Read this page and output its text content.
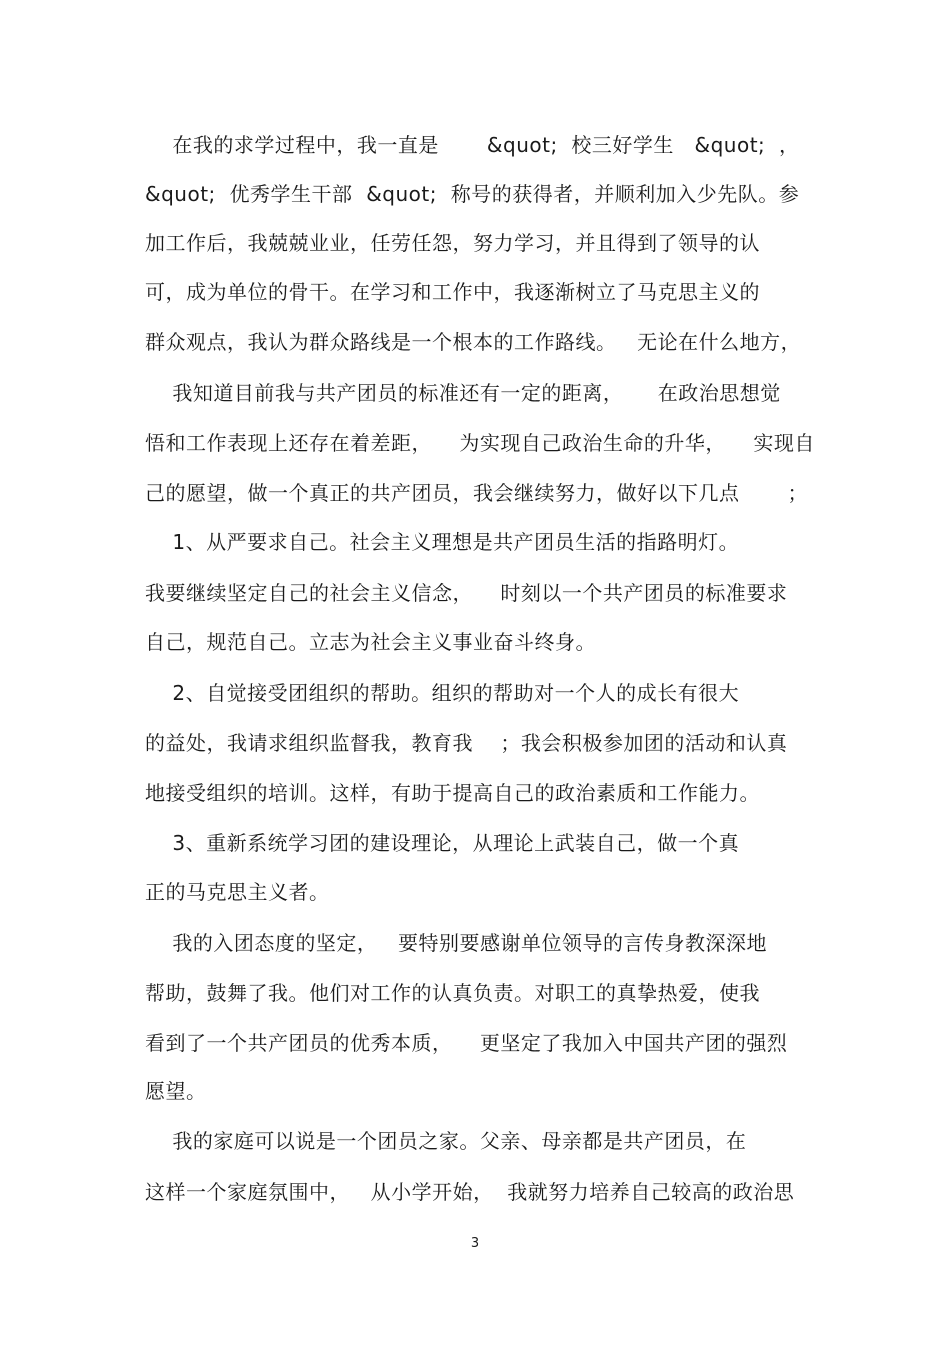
在我的求学过程中，我一直是       &quot;  校三好学生   &quot;  ，
&quot;  优秀学生干部  &quot;  称号的获得者，并顺利加入少先队。参
加工作后，我兢兢业业，任劳任怨，努力学习，并且得到了领导的认
可，成为单位的骨干。在学习和工作中，我逐渐树立了马克思主义的
群众观点，我认为群众路线是一个根本的工作路线。   无论在什么地方，
我知道目前我与共产团员的标准还有一定的距离，     在政治思想觉
悟和工作表现上还存在着差距，    为实现自己政治生命的升华，    实现自
己的愿望，做一个真正的共产团员，我会继续努力，做好以下几点       ；
1、从严要求自己。社会主义理想是共产团员生活的指路明灯。
我要继续坚定自己的社会主义信念，    时刻以一个共产团员的标准要求
自己，规范自己。立志为社会主义事业奋斗终身。
2、自觉接受团组织的帮助。组织的帮助对一个人的成长有很大
的益处，我请求组织监督我，教育我    ；我会积极参加团的活动和认真
地接受组织的培训。这样，有助于提高自己的政治素质和工作能力。
3、重新系统学习团的建设理论，从理论上武装自己，做一个真
正的马克思主义者。
我的入团态度的坚定，   要特别要感谢单位领导的言传身教深深地
帮助，鼓舞了我。他们对工作的认真负责。对职工的真挚热爱，使我
看到了一个共产团员的优秀本质，    更坚定了我加入中国共产团的强烈
愿望。
我的家庭可以说是一个团员之家。父亲、母亲都是共产团员，在
这样一个家庭氛围中，   从小学开始，  我就努力培养自己较高的政治思
3
